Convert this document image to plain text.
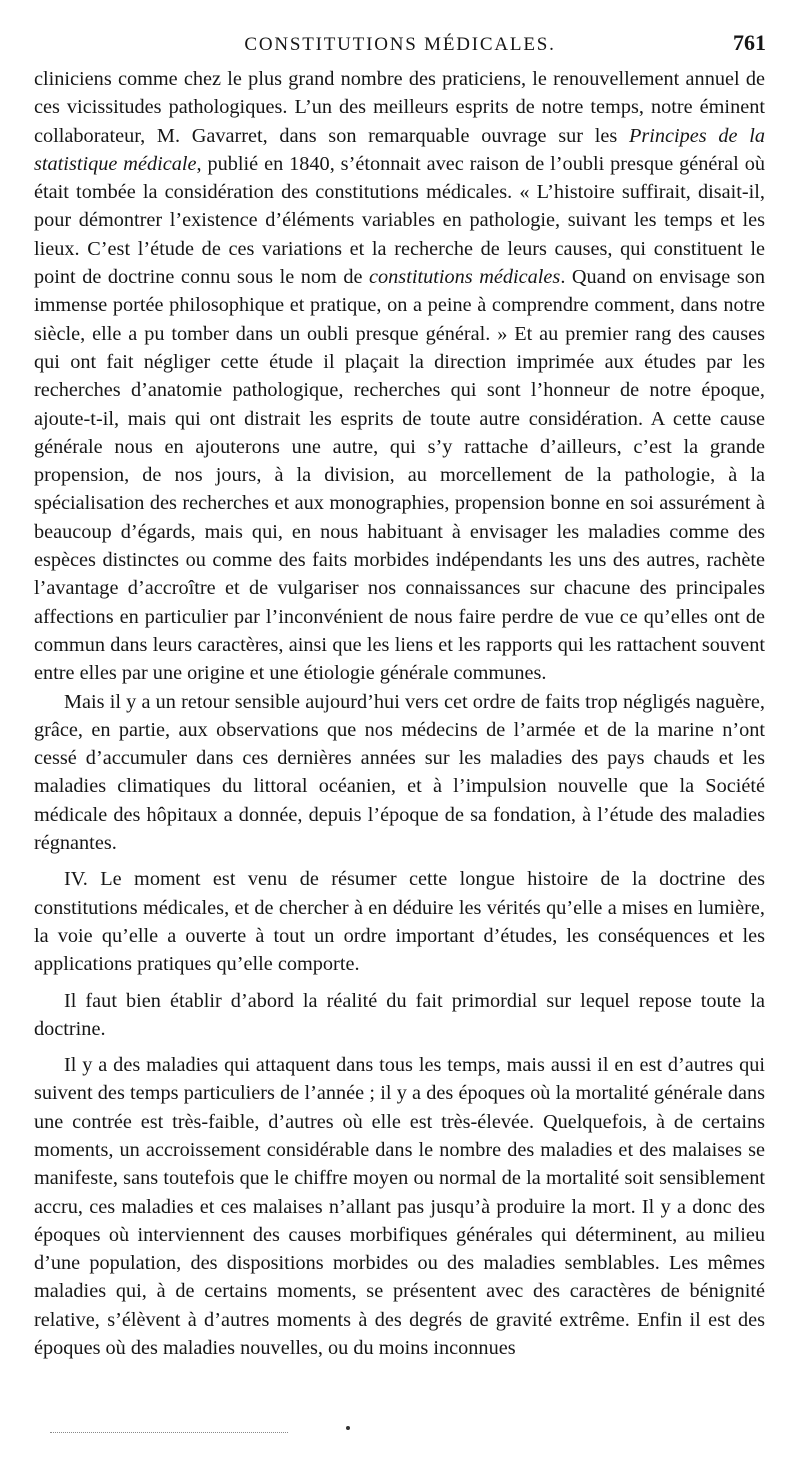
CONSTITUTIONS MÉDICALES.	761

cliniciens comme chez le plus grand nombre des praticiens, le renouvellement annuel de ces vicissitudes pathologiques. L’un des meilleurs esprits de notre temps, notre éminent collaborateur, M. Gavarret, dans son remarquable ouvrage sur les Principes de la statistique médicale, publié en 1840, s’étonnait avec raison de l’oubli presque général où était tombée la considération des constitutions médicales. « L’histoire suffirait, disait-il, pour démontrer l’existence d’éléments variables en pathologie, suivant les temps et les lieux. C’est l’étude de ces variations et la recherche de leurs causes, qui constituent le point de doctrine connu sous le nom de constitutions médicales. Quand on envisage son immense portée philosophique et pratique, on a peine à comprendre comment, dans notre siècle, elle a pu tomber dans un oubli presque général. » Et au premier rang des causes qui ont fait négliger cette étude il plaçait la direction imprimée aux études par les recherches d’anatomie pathologique, recherches qui sont l’honneur de notre époque, ajoute-t-il, mais qui ont distrait les esprits de toute autre considération. A cette cause générale nous en ajouterons une autre, qui s’y rattache d’ailleurs, c’est la grande propension, de nos jours, à la division, au morcellement de la pathologie, à la spécialisation des recherches et aux monographies, propension bonne en soi assurément à beaucoup d’égards, mais qui, en nous habituant à envisager les maladies comme des espèces distinctes ou comme des faits morbides indépendants les uns des autres, rachète l’avantage d’accroître et de vulgariser nos connaissances sur chacune des principales affections en particulier par l’inconvénient de nous faire perdre de vue ce qu’elles ont de commun dans leurs caractères, ainsi que les liens et les rapports qui les rattachent souvent entre elles par une origine et une étiologie générale communes.

Mais il y a un retour sensible aujourd’hui vers cet ordre de faits trop négligés naguère, grâce, en partie, aux observations que nos médecins de l’armée et de la marine n’ont cessé d’accumuler dans ces dernières années sur les maladies des pays chauds et les maladies climatiques du littoral océanien, et à l’impulsion nouvelle que la Société médicale des hôpitaux a donnée, depuis l’époque de sa fondation, à l’étude des maladies régnantes.

IV. Le moment est venu de résumer cette longue histoire de la doctrine des constitutions médicales, et de chercher à en déduire les vérités qu’elle a mises en lumière, la voie qu’elle a ouverte à tout un ordre important d’études, les conséquences et les applications pratiques qu’elle comporte.

Il faut bien établir d’abord la réalité du fait primordial sur lequel repose toute la doctrine.

Il y a des maladies qui attaquent dans tous les temps, mais aussi il en est d’autres qui suivent des temps particuliers de l’année ; il y a des époques où la mortalité générale dans une contrée est très-faible, d’autres où elle est très-élevée. Quelquefois, à de certains moments, un accroissement considérable dans le nombre des maladies et des malaises se manifeste, sans toutefois que le chiffre moyen ou normal de la mortalité soit sensiblement accru, ces maladies et ces malaises n’allant pas jusqu’à produire la mort. Il y a donc des époques où interviennent des causes morbifiques générales qui déterminent, au milieu d’une population, des dispositions morbides ou des maladies semblables. Les mêmes maladies qui, à de certains moments, se présentent avec des caractères de bénignité relative, s’élèvent à d’autres moments à des degrés de gravité extrême. Enfin il est des époques où des maladies nouvelles, ou du moins inconnues
